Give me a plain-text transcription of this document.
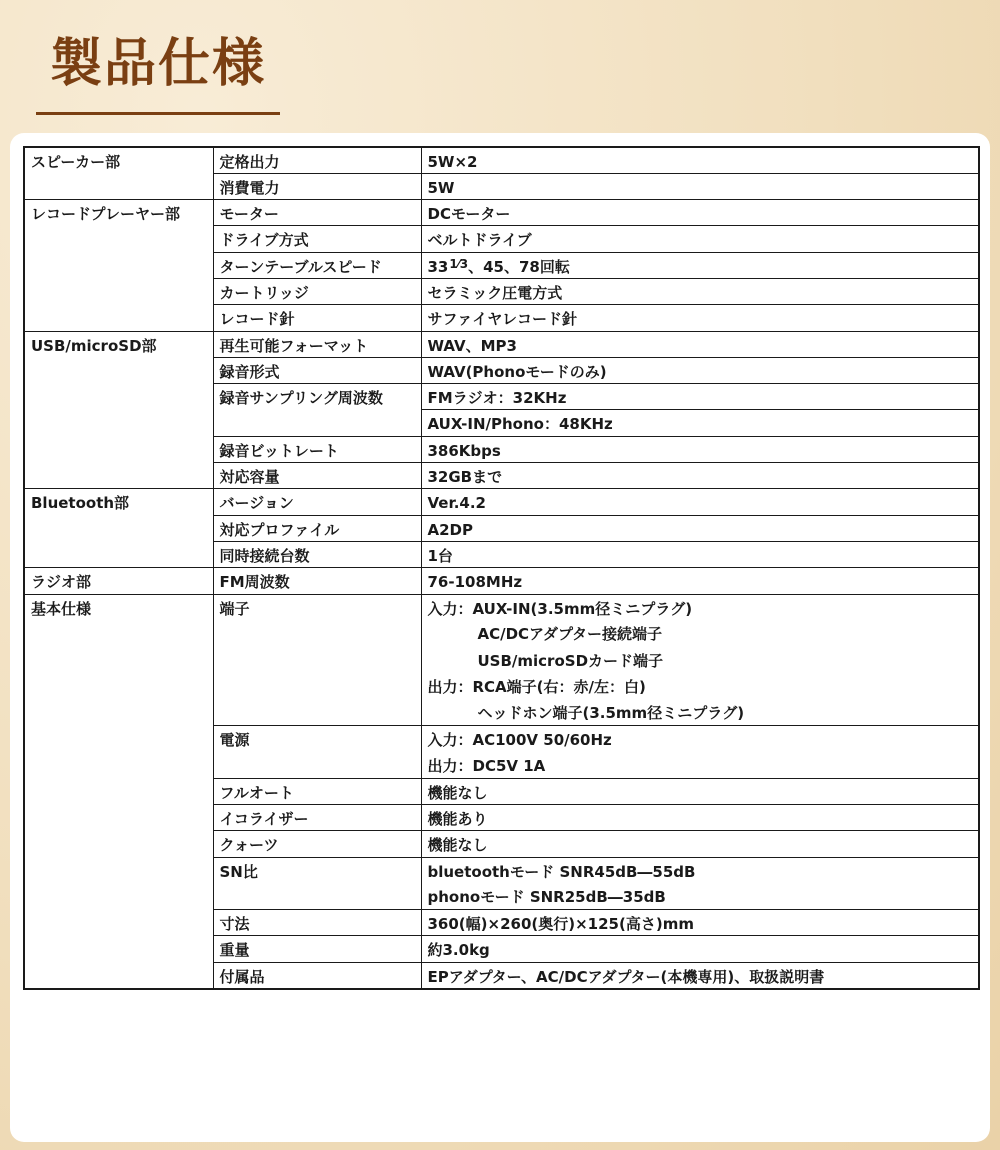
製品仕様
スピーカー部	定格出力	5W×2
	消費電力	5W
レコードプレーヤー部	モーター	DCモーター
	ドライブ方式	ベルトドライブ
	ターンテーブルスピード	$33^{1⁄3}$、45、78回転
	カートリッジ	セラミック圧電方式
	レコード針	サファイヤレコード針
USB/microSD部	再生可能フォーマット	WAV、MP3
	録音形式	WAV(Phonoモードのみ)
	録音サンプリング周波数	FMラジオ：32KHz
		AUX-IN/Phono：48KHz
	録音ビットレート	386Kbps
	対応容量	32GBまで
Bluetooth部	バージョン	Ver.4.2
	対応プロファイル	A2DP
	同時接続台数	1台
ラジオ部	FM周波数	76-108MHz
基本仕様	端子	入力：AUX-IN(3.5mm径ミニプラグ)
		AC/DCアダプター接続端子
		USB/microSDカード端子
		出力：RCA端子(右：赤/左：白)
		ヘッドホン端子(3.5mm径ミニプラグ)
	電源	入力：AC100V 50/60Hz
		出力：DC5V 1A
	フルオート	機能なし
	イコライザー	機能あり
	クォーツ	機能なし
	SN比	bluetoothモード SNR45dB―55dB
		phonoモード SNR25dB―35dB
	寸法	360(幅)×260(奥行)×125(高さ)mm
	重量	約3.0kg
	付属品	EPアダプター、AC/DCアダプター(本機専用)、取扱説明書
